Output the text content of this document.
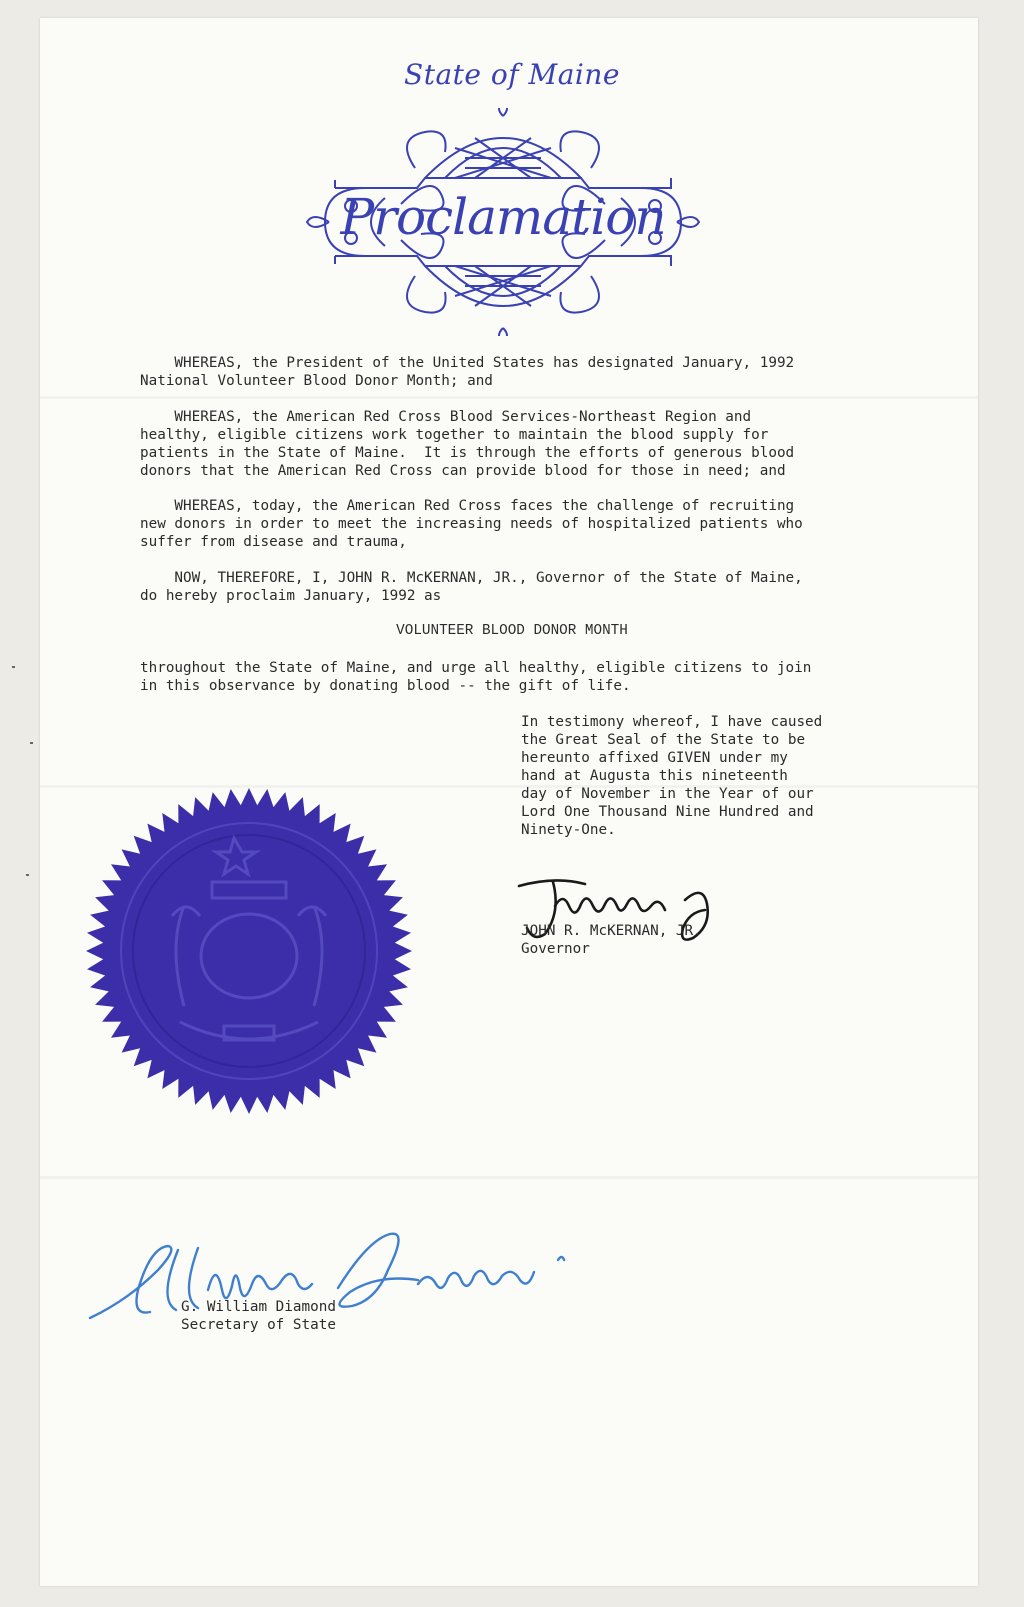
State of Maine
Proclamation
WHEREAS, the President of the United States has designated January, 1992
National Volunteer Blood Donor Month; and
WHEREAS, the American Red Cross Blood Services-Northeast Region and
healthy, eligible citizens work together to maintain the blood supply for
patients in the State of Maine.  It is through the efforts of generous blood
donors that the American Red Cross can provide blood for those in need; and
WHEREAS, today, the American Red Cross faces the challenge of recruiting
new donors in order to meet the increasing needs of hospitalized patients who
suffer from disease and trauma,
NOW, THEREFORE, I, JOHN R. McKERNAN, JR., Governor of the State of Maine,
do hereby proclaim January, 1992 as
VOLUNTEER BLOOD DONOR MONTH
throughout the State of Maine, and urge all healthy, eligible citizens to join
in this observance by donating blood -- the gift of life.
In testimony whereof, I have caused
the Great Seal of the State to be
hereunto affixed GIVEN under my
hand at Augusta this nineteenth
day of November in the Year of our
Lord One Thousand Nine Hundred and
Ninety-One.
JOHN R. McKERNAN, JR.
Governor
G. William Diamond
Secretary of State
